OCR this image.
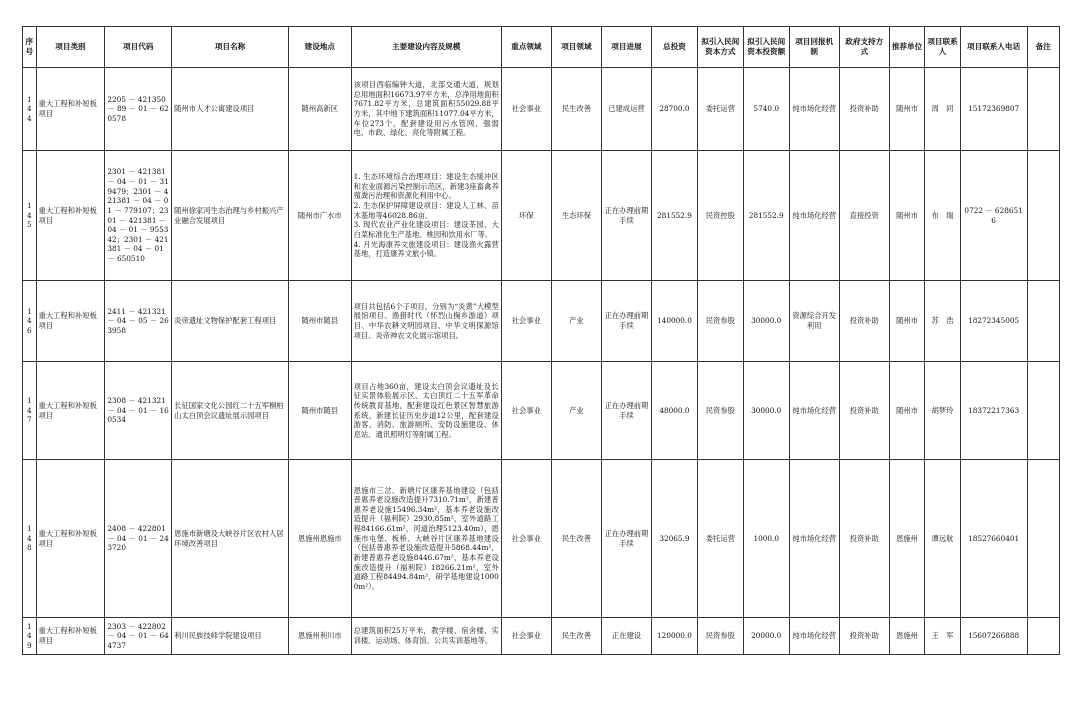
序号	项目类别	项目代码	项目名称	建设地点	主要建设内容及规模	重点领域	项目领域	项目进展	总投资	拟引入民间资本方式	拟引入民间资本投资额	项目回报机制	政府支持方式	推荐单位	项目联系人	项目联系人电话	备注
144	重大工程和补短板项目	2205 － 421350 － 89 － 01 － 620578	随州市人才公寓建设项目	随州高新区	该项目西临编钟大道，北部交通大道，规划总用地面积16673.97平方米，总净用地面积7671.82平方米，总建筑面积55029.88平方米，其中地下建筑面积11077.04平方米，车位273个，配套建设用污水管网、强弱电、市政、绿化、亮化等附属工程。	社会事业	民生改善	已建成运营	28700.0	委托运营	5740.0	纯市场化经营	投资补助	随州市	周　同	15172369807	
145	重大工程和补短板项目	2301 － 421381 － 04 － 01 － 319479；2301 － 421381 － 04 － 01 － 779107；2301 － 421381 － 04 － 01 － 955342；2301 － 421381 － 04 － 01 － 650510	随州徐家河生态治理与乡村振兴产业融合发展项目	随州市广水市	1. 生态环境综合治理项目：建设生态缓冲区和农业面源污染控制示范区，新建3座畜禽养殖粪污治理和资源化利用中心。
2. 生态保护屏障建设项目：建设人工林、苗木基地等46028.86亩。
3. 现代农业产业化建设项目：建设茶园、大白菜标准化生产基地、桃园和饮用水厂等。
4. 月光海康养文旅建设项目：建设渔火露营基地，打造康养文旅小镇。	环保	生态环保	正在办理前期手续	281552.9	民资控股	281552.9	纯市场化经营	直接投资	随州市	布　瑞	0722 － 6286516	
146	重大工程和补短板项目	2411 － 421321 － 04 － 05 － 263958	炎帝遗址文物保护配套工程项目	随州市随县	项目共包括6个子项目，分别为“炎黄”大模型展馆项目、渔猎时代（怀烈山掬乡游道）项目、中华农耕文明园项目、中华文明探源馆项目、炎帝神农文化展示馆项目。	社会事业	产业	正在办理前期手续	140000.0	民资参股	30000.0	资源综合开发利用	投资补助	随州市	苏　浩	18272345005	
147	重大工程和补短板项目	2308 － 421321 － 04 － 01 － 160534	长征国家文化公园红二十五军桐柏山太白顶会议遗址展示园项目	随州市随县	项目占地360亩，建设太白顶会议遗址及长征实景体验展示区、太白顶红二十五军革命传统教育基地，配套建设红色景区智慧旅游系统，新建长征历史步道12公里，配套建设游客、消防、旅游厕所、安防设施建设、休息站、通讯照明灯等附属工程。	社会事业	产业	正在办理前期手续	48000.0	民资参股	30000.0	纯市场化经营	投资补助	随州市	胡梦玲	18372217363	
148	重大工程和补短板项目	2408 － 422801 － 04 － 01 － 243720	恩施市新塘及大峡谷片区农村人居环境改善项目	恩施州恩施市	恩施市三岔、新塘片区康养基地建设（包括普惠养老设施改造提升7310.71m²，新建普惠养老设施15496.34m²，基本养老设施改造提升（福利院）2930.85m²，室外道路工程84166.61m²，河道治理5123.40m），恩施市屯堡、板桥、大峡谷片区康养基地建设（包括普惠养老设施改造提升5868.44m²，新建普惠养老设施8446.67m²，基本养老设施改造提升（福利院）18266.21m²，室外道路工程84494.84m²，研学基地建设10000m²）。	社会事业	民生改善	正在办理前期手续	32065.9	委托运营	1000.0	纯市场化经营	投资补助	恩施州	谭远航	18527660401	
149	重大工程和补短板项目	2303 － 422802 － 04 － 01 － 644737	利川民族技师学院建设项目	恩施州利川市	总建筑面积25万平米，教学楼、宿舍楼、实训楼、运动场、体育馆、公共实训基地等。	社会事业	民生改善	正在建设	120000.0	民资参股	20000.0	纯市场化经营	投资补助	恩施州	王　军	15607266888	
